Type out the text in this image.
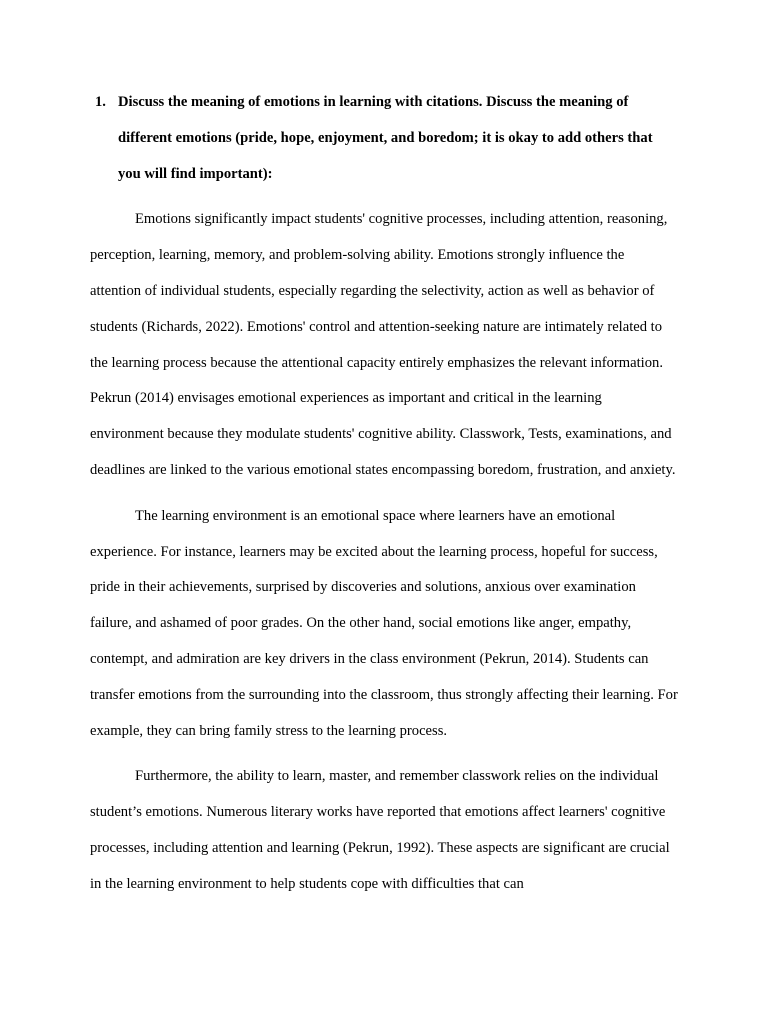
1. Discuss the meaning of emotions in learning with citations. Discuss the meaning of different emotions (pride, hope, enjoyment, and boredom; it is okay to add others that you will find important):

Emotions significantly impact students' cognitive processes, including attention, reasoning, perception, learning, memory, and problem-solving ability. Emotions strongly influence the attention of individual students, especially regarding the selectivity, action as well as behavior of students (Richards, 2022). Emotions' control and attention-seeking nature are intimately related to the learning process because the attentional capacity entirely emphasizes the relevant information. Pekrun (2014) envisages emotional experiences as important and critical in the learning environment because they modulate students' cognitive ability. Classwork, Tests, examinations, and deadlines are linked to the various emotional states encompassing boredom, frustration, and anxiety.

The learning environment is an emotional space where learners have an emotional experience. For instance, learners may be excited about the learning process, hopeful for success, pride in their achievements, surprised by discoveries and solutions, anxious over examination failure, and ashamed of poor grades. On the other hand, social emotions like anger, empathy, contempt, and admiration are key drivers in the class environment (Pekrun, 2014). Students can transfer emotions from the surrounding into the classroom, thus strongly affecting their learning. For example, they can bring family stress to the learning process.

Furthermore, the ability to learn, master, and remember classwork relies on the individual student’s emotions. Numerous literary works have reported that emotions affect learners' cognitive processes, including attention and learning (Pekrun, 1992). These aspects are significant are crucial in the learning environment to help students cope with difficulties that can
